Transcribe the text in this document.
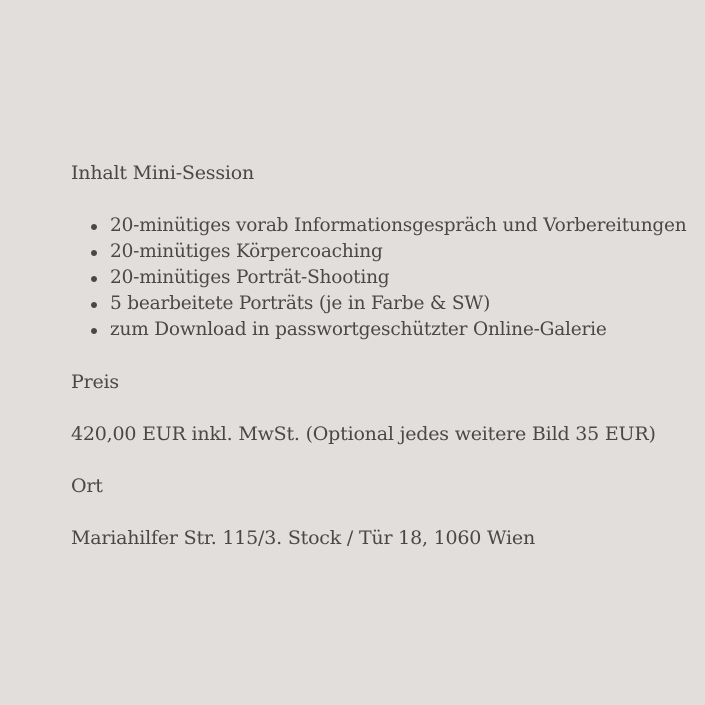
Inhalt Mini-Session

20-minütiges vorab Informationsgespräch und Vorbereitungen
20-minütiges Körpercoaching
20-minütiges Porträt-Shooting
5 bearbeitete Porträts (je in Farbe & SW)
zum Download in passwortgeschützter Online-Galerie

Preis

420,00 EUR inkl. MwSt. (Optional jedes weitere Bild 35 EUR)

Ort

Mariahilfer Str. 115/3. Stock / Tür 18, 1060 Wien
